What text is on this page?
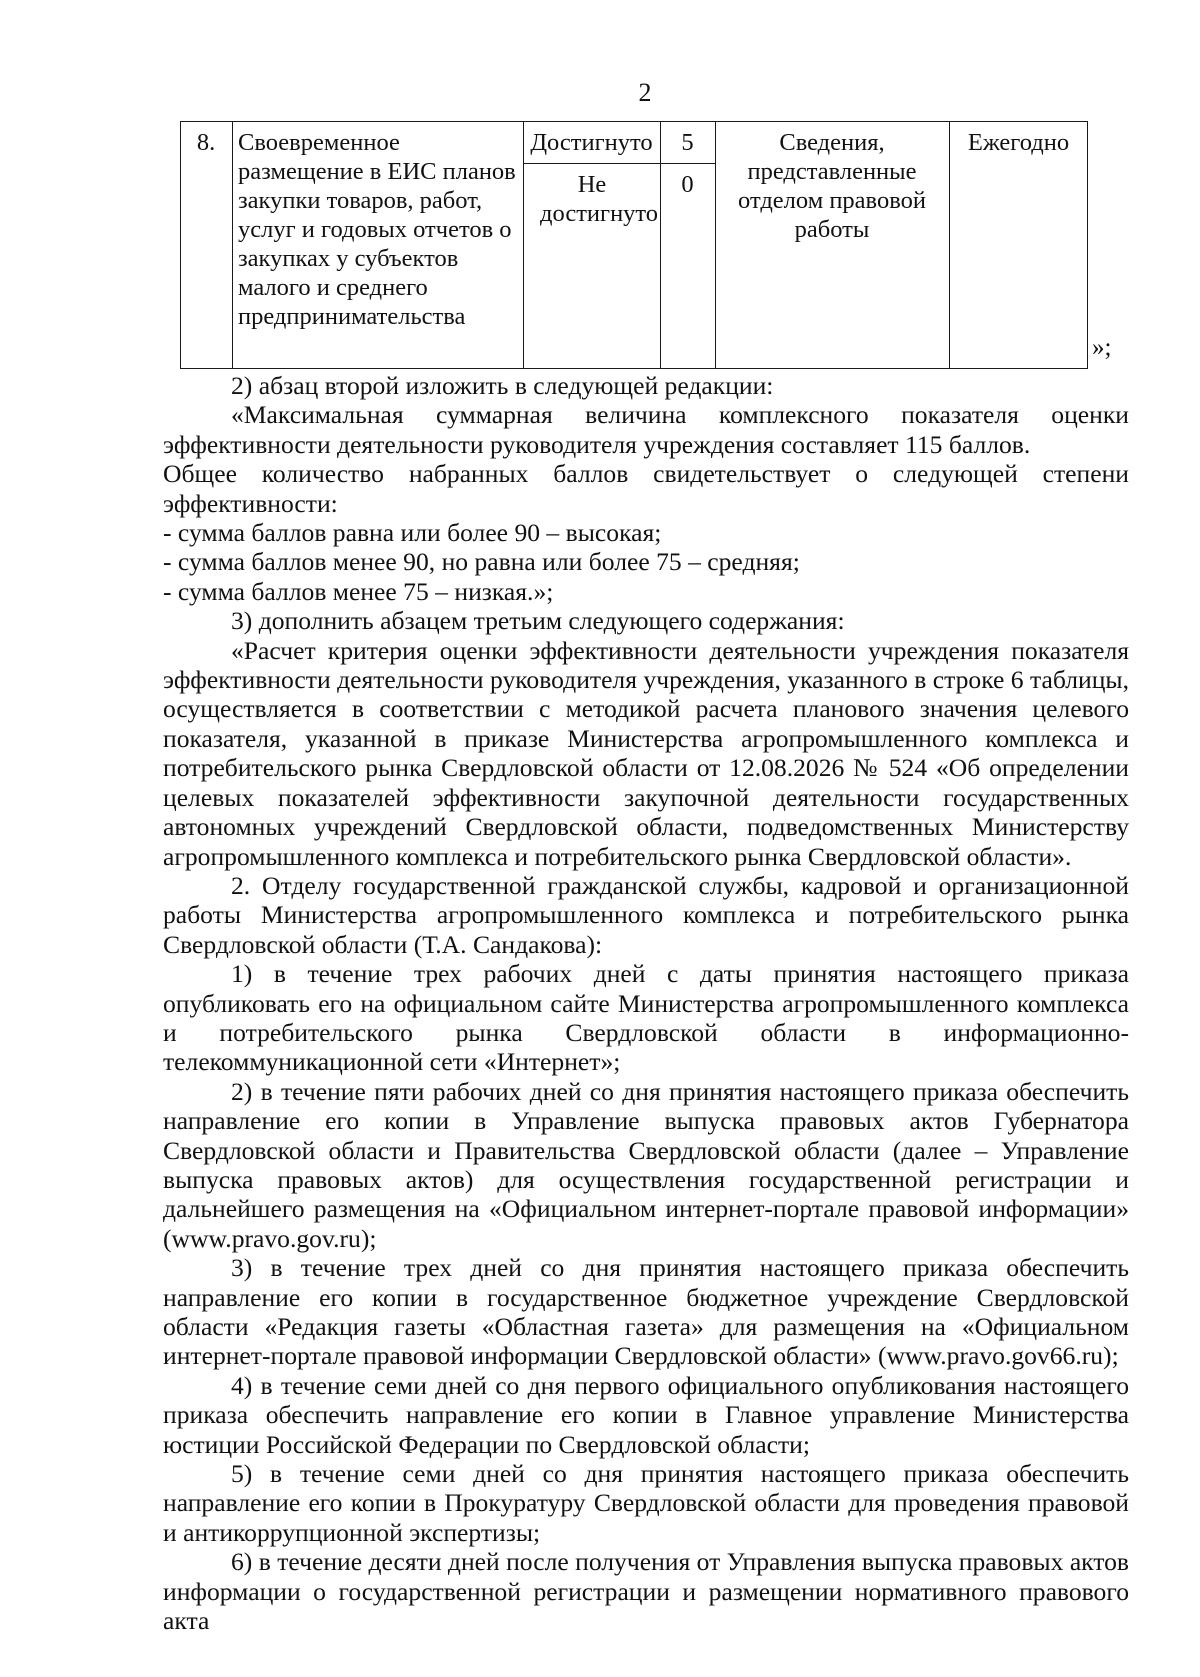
2
8. Своевременное размещение в ЕИС планов закупки товаров, работ, услуг и годовых отчетов о закупках у субъектов малого и среднего предпринимательства
Достигнуто	5
Не достигнуто
0
Сведения, представленные отделом правовой работы
Ежегодно
»;

2) абзац второй изложить в следующей редакции:

«Максимальная суммарная величина комплексного показателя оценки эффективности деятельности руководителя учреждения составляет 115 баллов.

Общее количество набранных баллов свидетельствует о следующей степени эффективности:

- сумма баллов равна или более 90 – высокая;

- сумма баллов менее 90, но равна или более 75 – средняя;

- сумма баллов менее 75 – низкая.»;

3) дополнить абзацем третьим следующего содержания:

«Расчет критерия оценки эффективности деятельности учреждения показателя эффективности деятельности руководителя учреждения, указанного в строке 6 таблицы, осуществляется в соответствии с методикой расчета планового значения целевого показателя, указанной в приказе Министерства агропромышленного комплекса и потребительского рынка Свердловской области от 12.08.2026 № 524 «Об определении целевых показателей эффективности закупочной деятельности государственных автономных учреждений Свердловской области, подведомственных Министерству агропромышленного комплекса и потребительского рынка Свердловской области».

2. Отделу государственной гражданской службы, кадровой и организационной работы Министерства агропромышленного комплекса и потребительского рынка Свердловской области (Т.А. Сандакова):

1) в течение трех рабочих дней с даты принятия настоящего приказа опубликовать его на официальном сайте Министерства агропромышленного комплекса и потребительского рынка Свердловской области в информационно-телекоммуникационной сети «Интернет»;

2) в течение пяти рабочих дней со дня принятия настоящего приказа обеспечить направление его копии в Управление выпуска правовых актов Губернатора Свердловской области и Правительства Свердловской области (далее – Управление выпуска правовых актов) для осуществления государственной регистрации и дальнейшего размещения на «Официальном интернет-портале правовой информации» (www.pravo.gov.ru);

3) в течение трех дней со дня принятия настоящего приказа обеспечить направление его копии в государственное бюджетное учреждение Свердловской области «Редакция газеты «Областная газета» для размещения на «Официальном интернет-портале правовой информации Свердловской области» (www.pravo.gov66.ru);

4) в течение семи дней со дня первого официального опубликования настоящего приказа обеспечить направление его копии в Главное управление Министерства юстиции Российской Федерации по Свердловской области;

5) в течение семи дней со дня принятия настоящего приказа обеспечить направление его копии в Прокуратуру Свердловской области для проведения правовой и антикоррупционной экспертизы;

6) в течение десяти дней после получения от Управления выпуска правовых актов информации о государственной регистрации и размещении нормативного правового акта
